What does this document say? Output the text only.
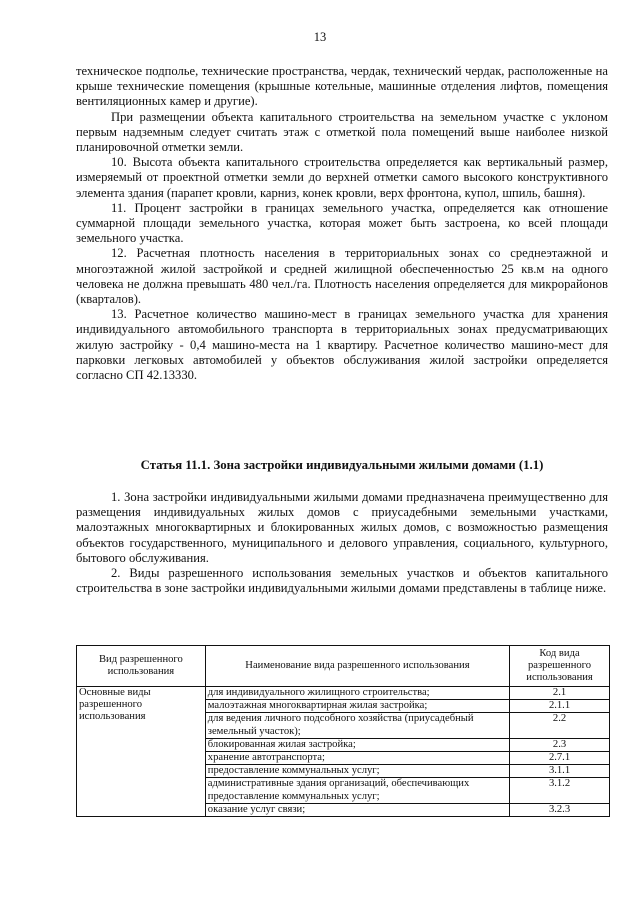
13

техническое подполье, технические пространства, чердак, технический чердак, расположенные на крыше технические помещения (крышные котельные, машинные отделения лифтов, помещения вентиляционных камер и другие).

При размещении объекта капитального строительства на земельном участке с уклоном первым надземным следует считать этаж с отметкой пола помещений выше наиболее низкой планировочной отметки земли.

10. Высота объекта капитального строительства определяется как вертикальный размер, измеряемый от проектной отметки земли до верхней отметки самого высокого конструктивного элемента здания (парапет кровли, карниз, конек кровли, верх фронтона, купол, шпиль, башня).

11. Процент застройки в границах земельного участка, определяется как отношение суммарной площади земельного участка, которая может быть застроена, ко всей площади земельного участка.

12. Расчетная плотность населения в территориальных зонах со среднеэтажной и многоэтажной жилой застройкой и средней жилищной обеспеченностью 25 кв.м на одного человека не должна превышать 480 чел./га. Плотность населения определяется для микрорайонов (кварталов).

13. Расчетное количество машино-мест в границах земельного участка для хранения индивидуального автомобильного транспорта в территориальных зонах предусматривающих жилую застройку - 0,4 машино-места на 1 квартиру. Расчетное количество машино-мест для парковки легковых автомобилей у объектов обслуживания жилой застройки определяется согласно СП 42.13330.

Статья 11.1. Зона застройки индивидуальными жилыми домами (1.1)

1. Зона застройки индивидуальными жилыми домами предназначена преимущественно для размещения индивидуальных жилых домов с приусадебными земельными участками, малоэтажных многоквартирных и блокированных жилых домов, с возможностью размещения объектов государственного, муниципального и делового управления, социального, культурного, бытового обслуживания.

2. Виды разрешенного использования земельных участков и объектов капитального строительства в зоне застройки индивидуальными жилыми домами представлены в таблице ниже.

Вид разрешенного использования	Наименование вида разрешенного использования	Код вида разрешенного использования
Основные виды разрешенного использования	для индивидуального жилищного строительства;	2.1
	малоэтажная многоквартирная жилая застройка;	2.1.1
	для ведения личного подсобного хозяйства (приусадебный земельный участок);	2.2
	блокированная жилая застройка;	2.3
	хранение автотранспорта;	2.7.1
	предоставление коммунальных услуг;	3.1.1
	административные здания организаций, обеспечивающих предоставление коммунальных услуг;	3.1.2
	оказание услуг связи;	3.2.3
